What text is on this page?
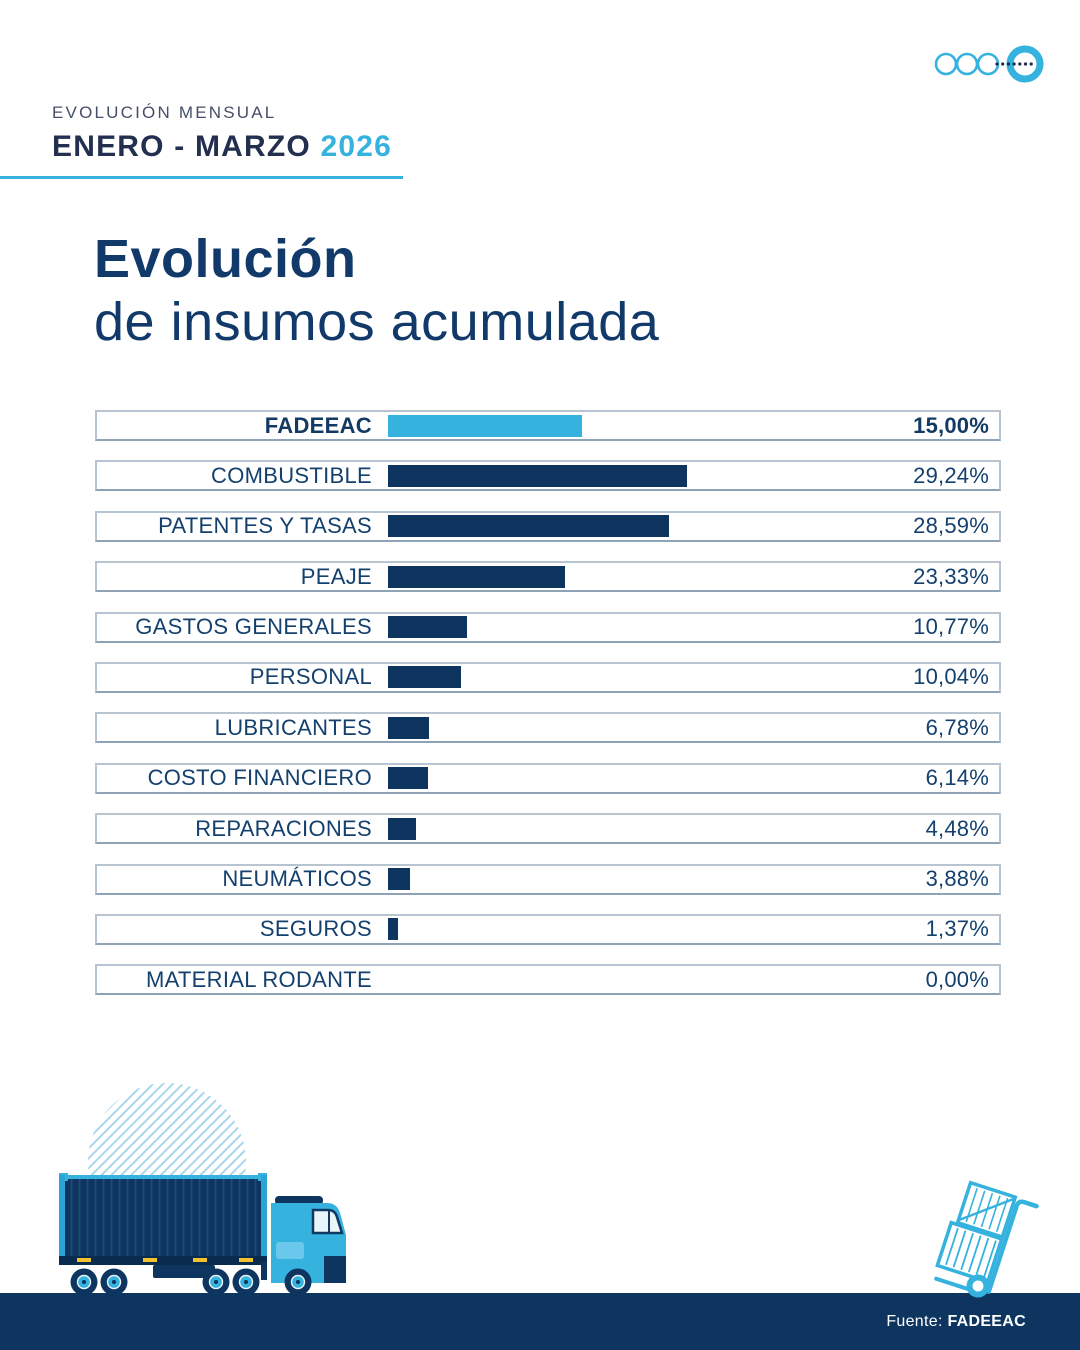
EVOLUCIÓN MENSUAL
ENERO - MARZO 2026
Evolución
de insumos acumulada
FADEEAC	15,00%
COMBUSTIBLE	29,24%
PATENTES Y TASAS	28,59%
PEAJE	23,33%
GASTOS GENERALES	10,77%
PERSONAL	10,04%
LUBRICANTES	6,78%
COSTO FINANCIERO	6,14%
REPARACIONES	4,48%
NEUMÁTICOS	3,88%
SEGUROS	1,37%
MATERIAL RODANTE	0,00%
Fuente: FADEEAC
